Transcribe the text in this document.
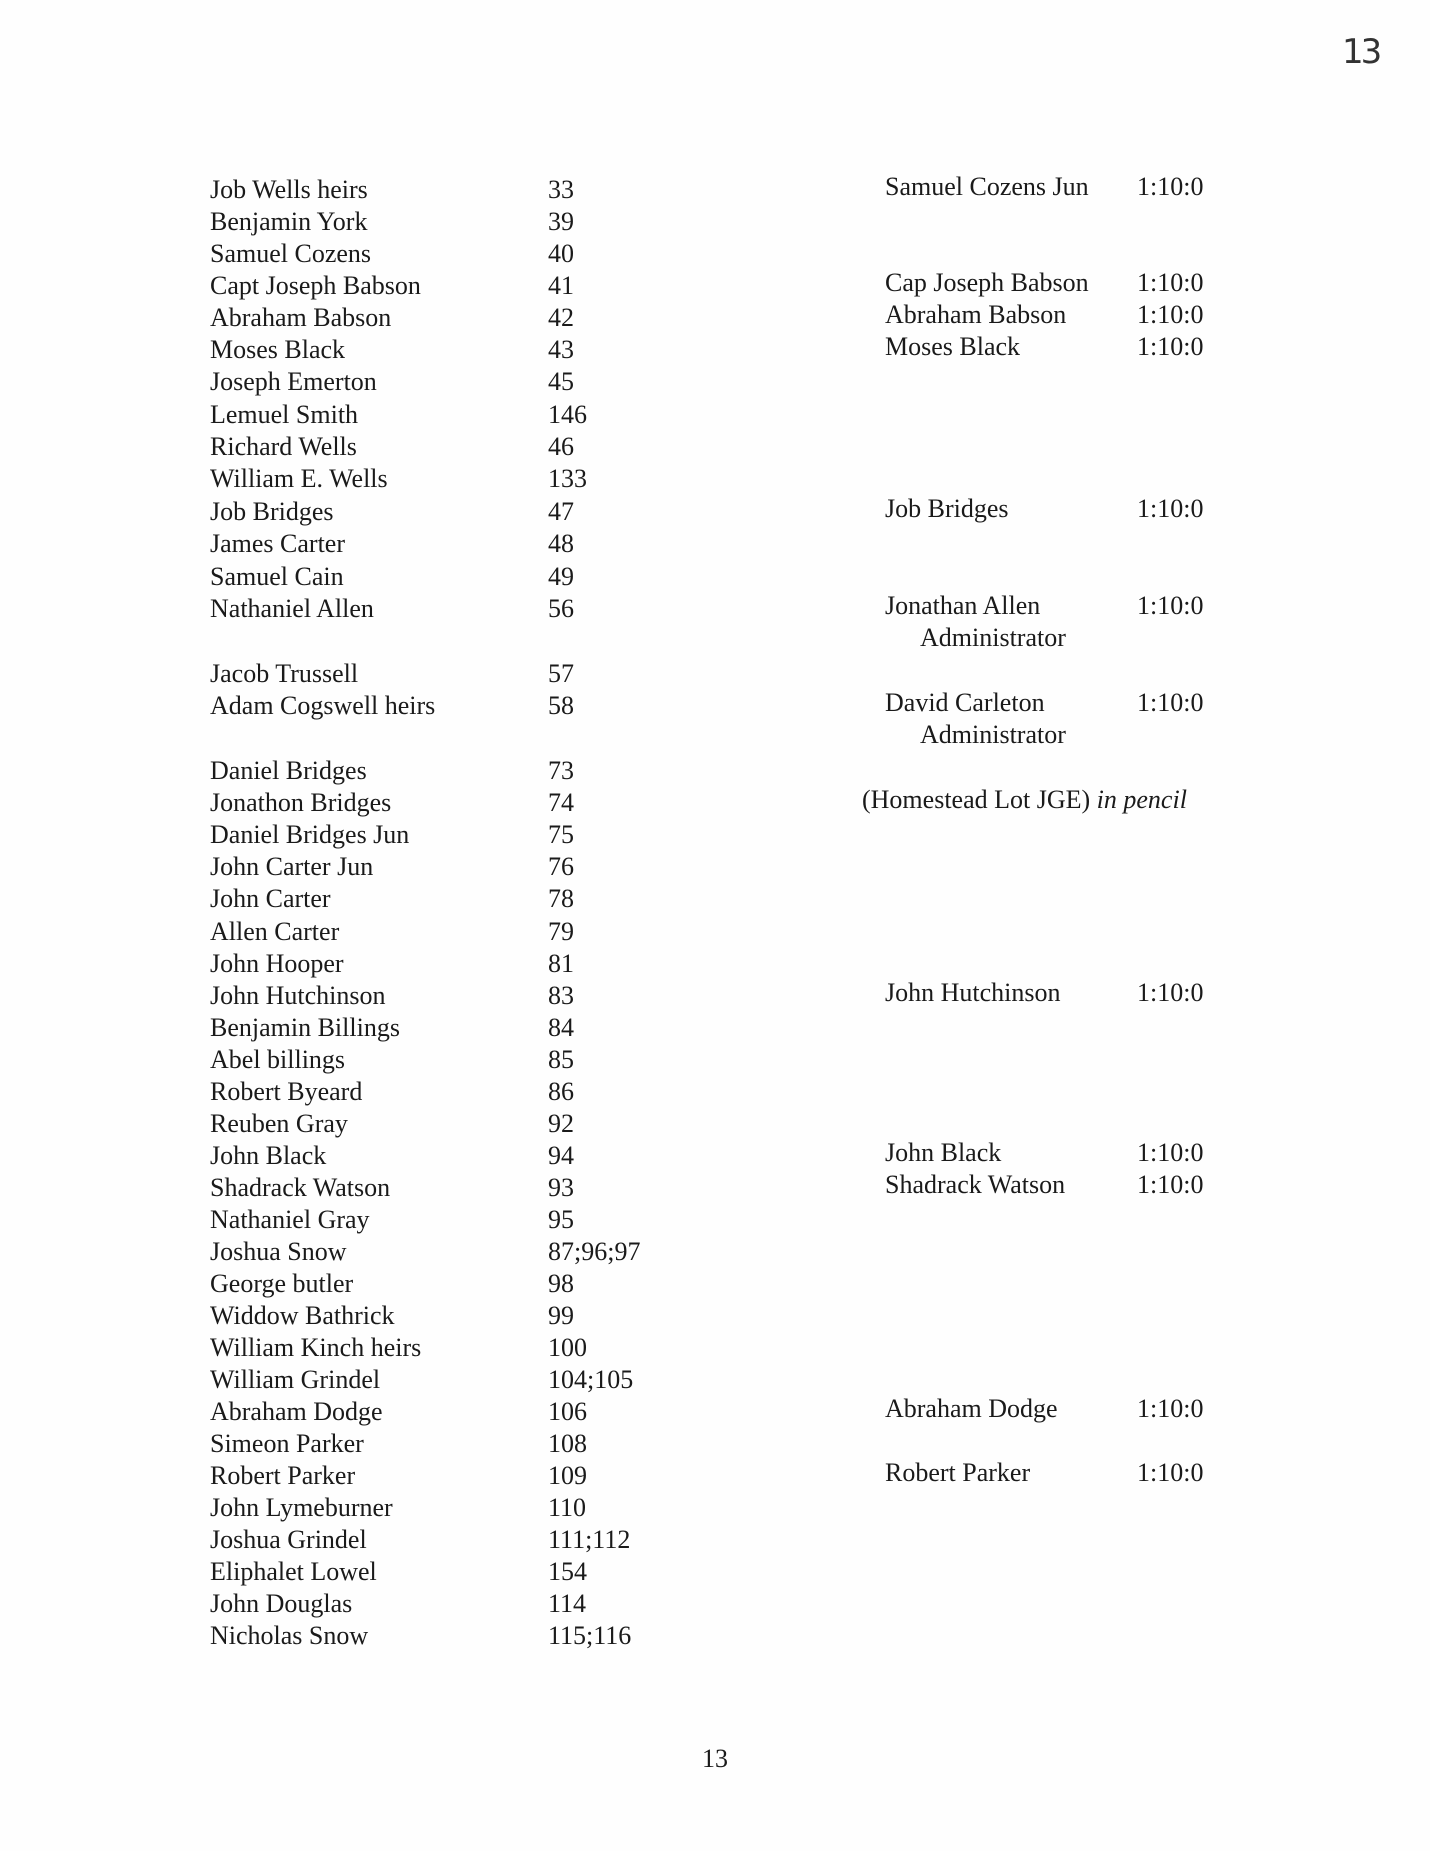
13
Job Wells heirs	33	Samuel Cozens Jun 1:10:0
Benjamin York	39
Samuel Cozens	40
Capt Joseph Babson	41	Cap Joseph Babson 1:10:0
Abraham Babson	42	Abraham Babson	1:10:0
Moses Black	43	Moses Black	1:10:0
Joseph Emerton	45
Lemuel Smith	146
Richard Wells	46
William E. Wells	133
Job Bridges	47	Job Bridges	1:10:0
James Carter	48
Samuel Cain	49
Nathaniel Allen	56	Jonathan Allen	1:10:0
Administrator
Jacob Trussell	57
Adam Cogswell heirs	58	David Carleton	1:10:0
Administrator
Daniel Bridges	73
Jonathon Bridges	74	(Homestead Lot JGE) in pencil
Daniel Bridges Jun	75
John Carter Jun	76
John Carter	78
Allen Carter	79
John Hooper	81
John Hutchinson	83	John Hutchinson	1:10:0
Benjamin Billings	84
Abel billings	85
Robert Byeard	86
Reuben Gray	92
John Black	94	John Black	1:10:0
Shadrack Watson	93	Shadrack Watson	1:10:0
Nathaniel Gray	95
Joshua Snow	87;96;97
George butler	98
Widdow Bathrick	99
William Kinch heirs	100
William Grindel	104;105
Abraham Dodge	106	Abraham Dodge	1:10:0
Simeon Parker	108
Robert Parker	109	Robert Parker	1:10:0
John Lymeburner	110
Joshua Grindel	111;112
Eliphalet Lowel	154
John Douglas	114
Nicholas Snow	115;116
13
